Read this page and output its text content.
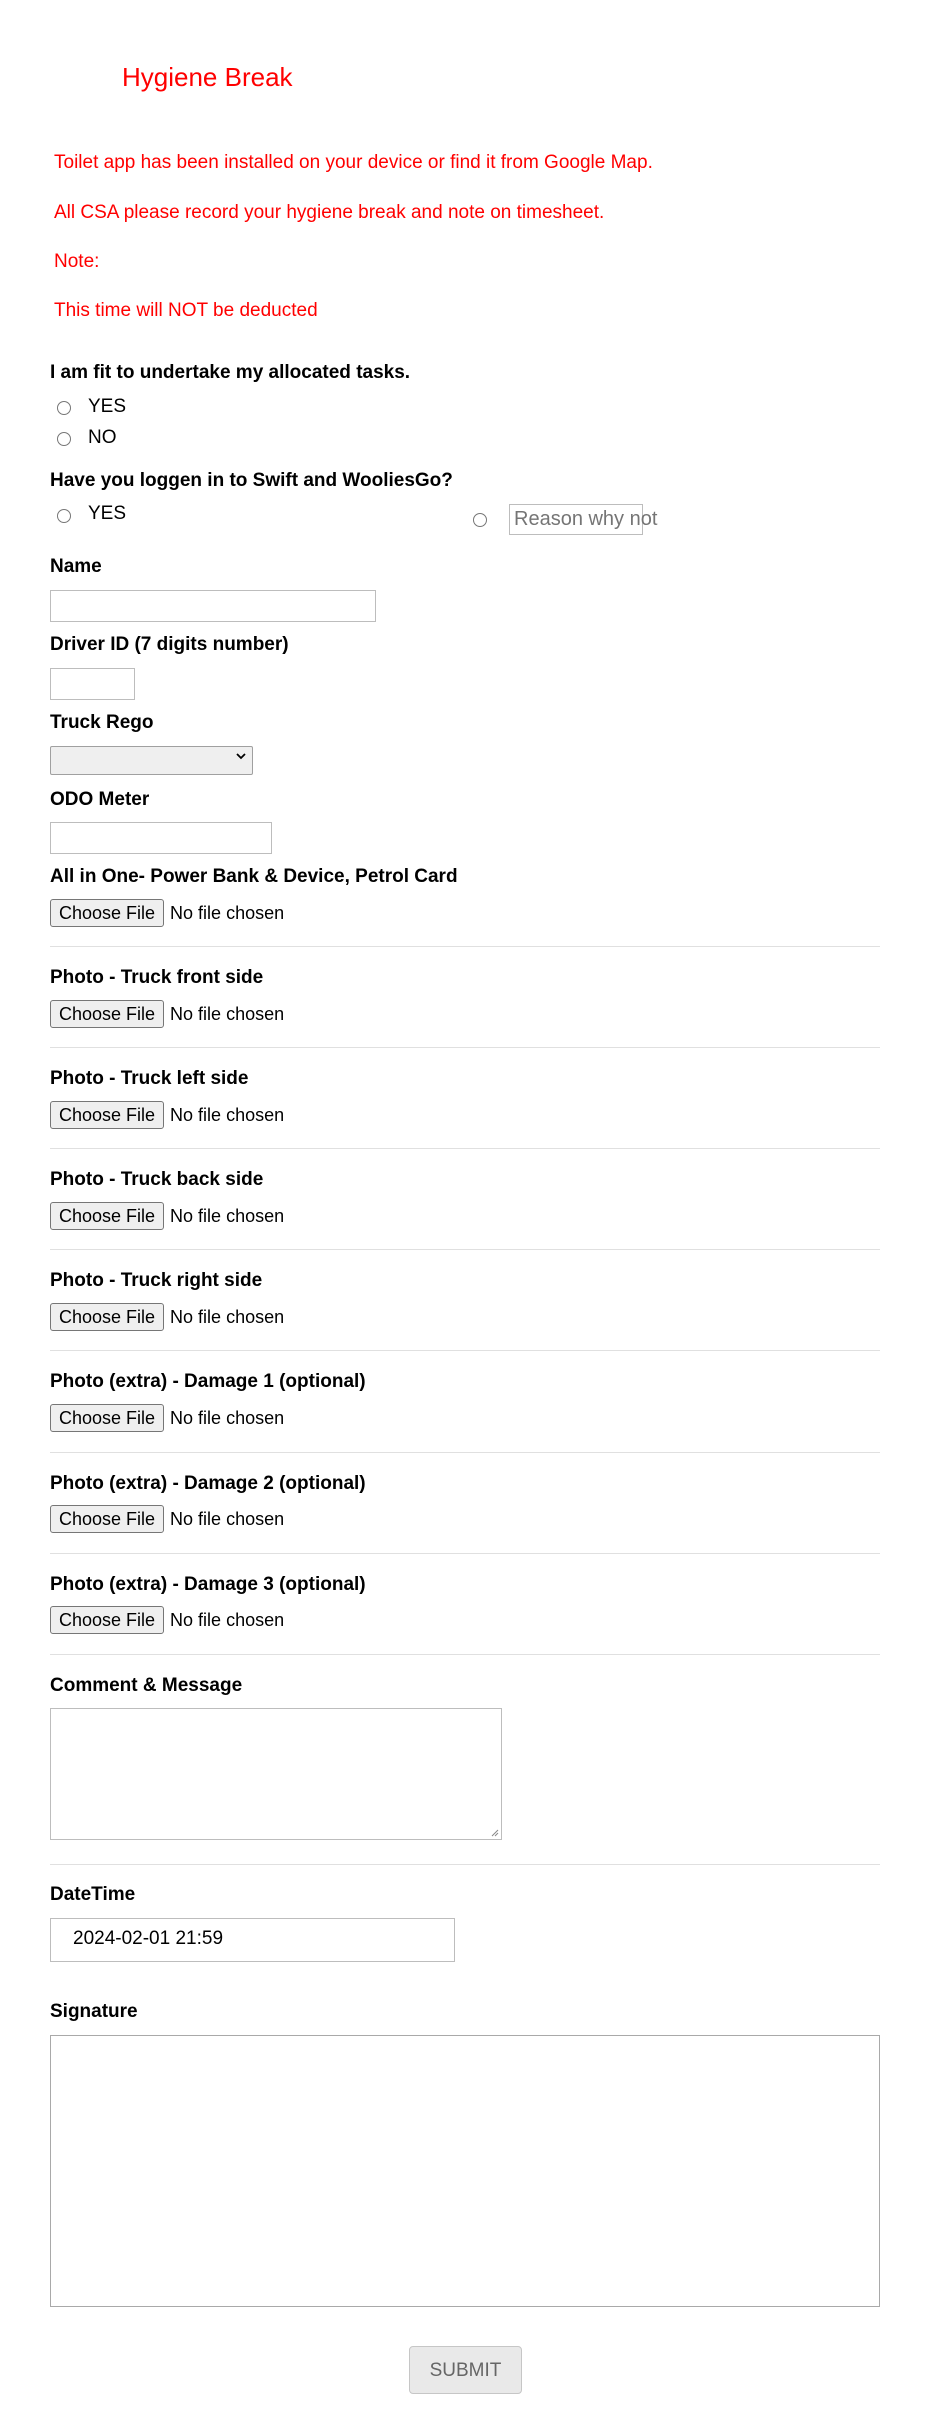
Hygiene Break
Toilet app has been installed on your device or find it from Google Map.
All CSA please record your hygiene break and note on timesheet.
Note:
This time will NOT be deducted
I am fit to undertake my allocated tasks.
YES
NO
Have you loggen in to Swift and WooliesGo?
YES	Reason why not
Name
Driver ID (7 digits number)
Truck Rego
ODO Meter
All in One- Power Bank & Device, Petrol Card
Choose File No file chosen
Photo - Truck front side
Choose File No file chosen
Photo - Truck left side
Choose File No file chosen
Photo - Truck back side
Choose File No file chosen
Photo - Truck right side
Choose File No file chosen
Photo (extra) - Damage 1 (optional)
Choose File No file chosen
Photo (extra) - Damage 2 (optional)
Choose File No file chosen
Photo (extra) - Damage 3 (optional)
Choose File No file chosen
Comment & Message
DateTime
2024-02-01 21:59
Signature
SUBMIT
